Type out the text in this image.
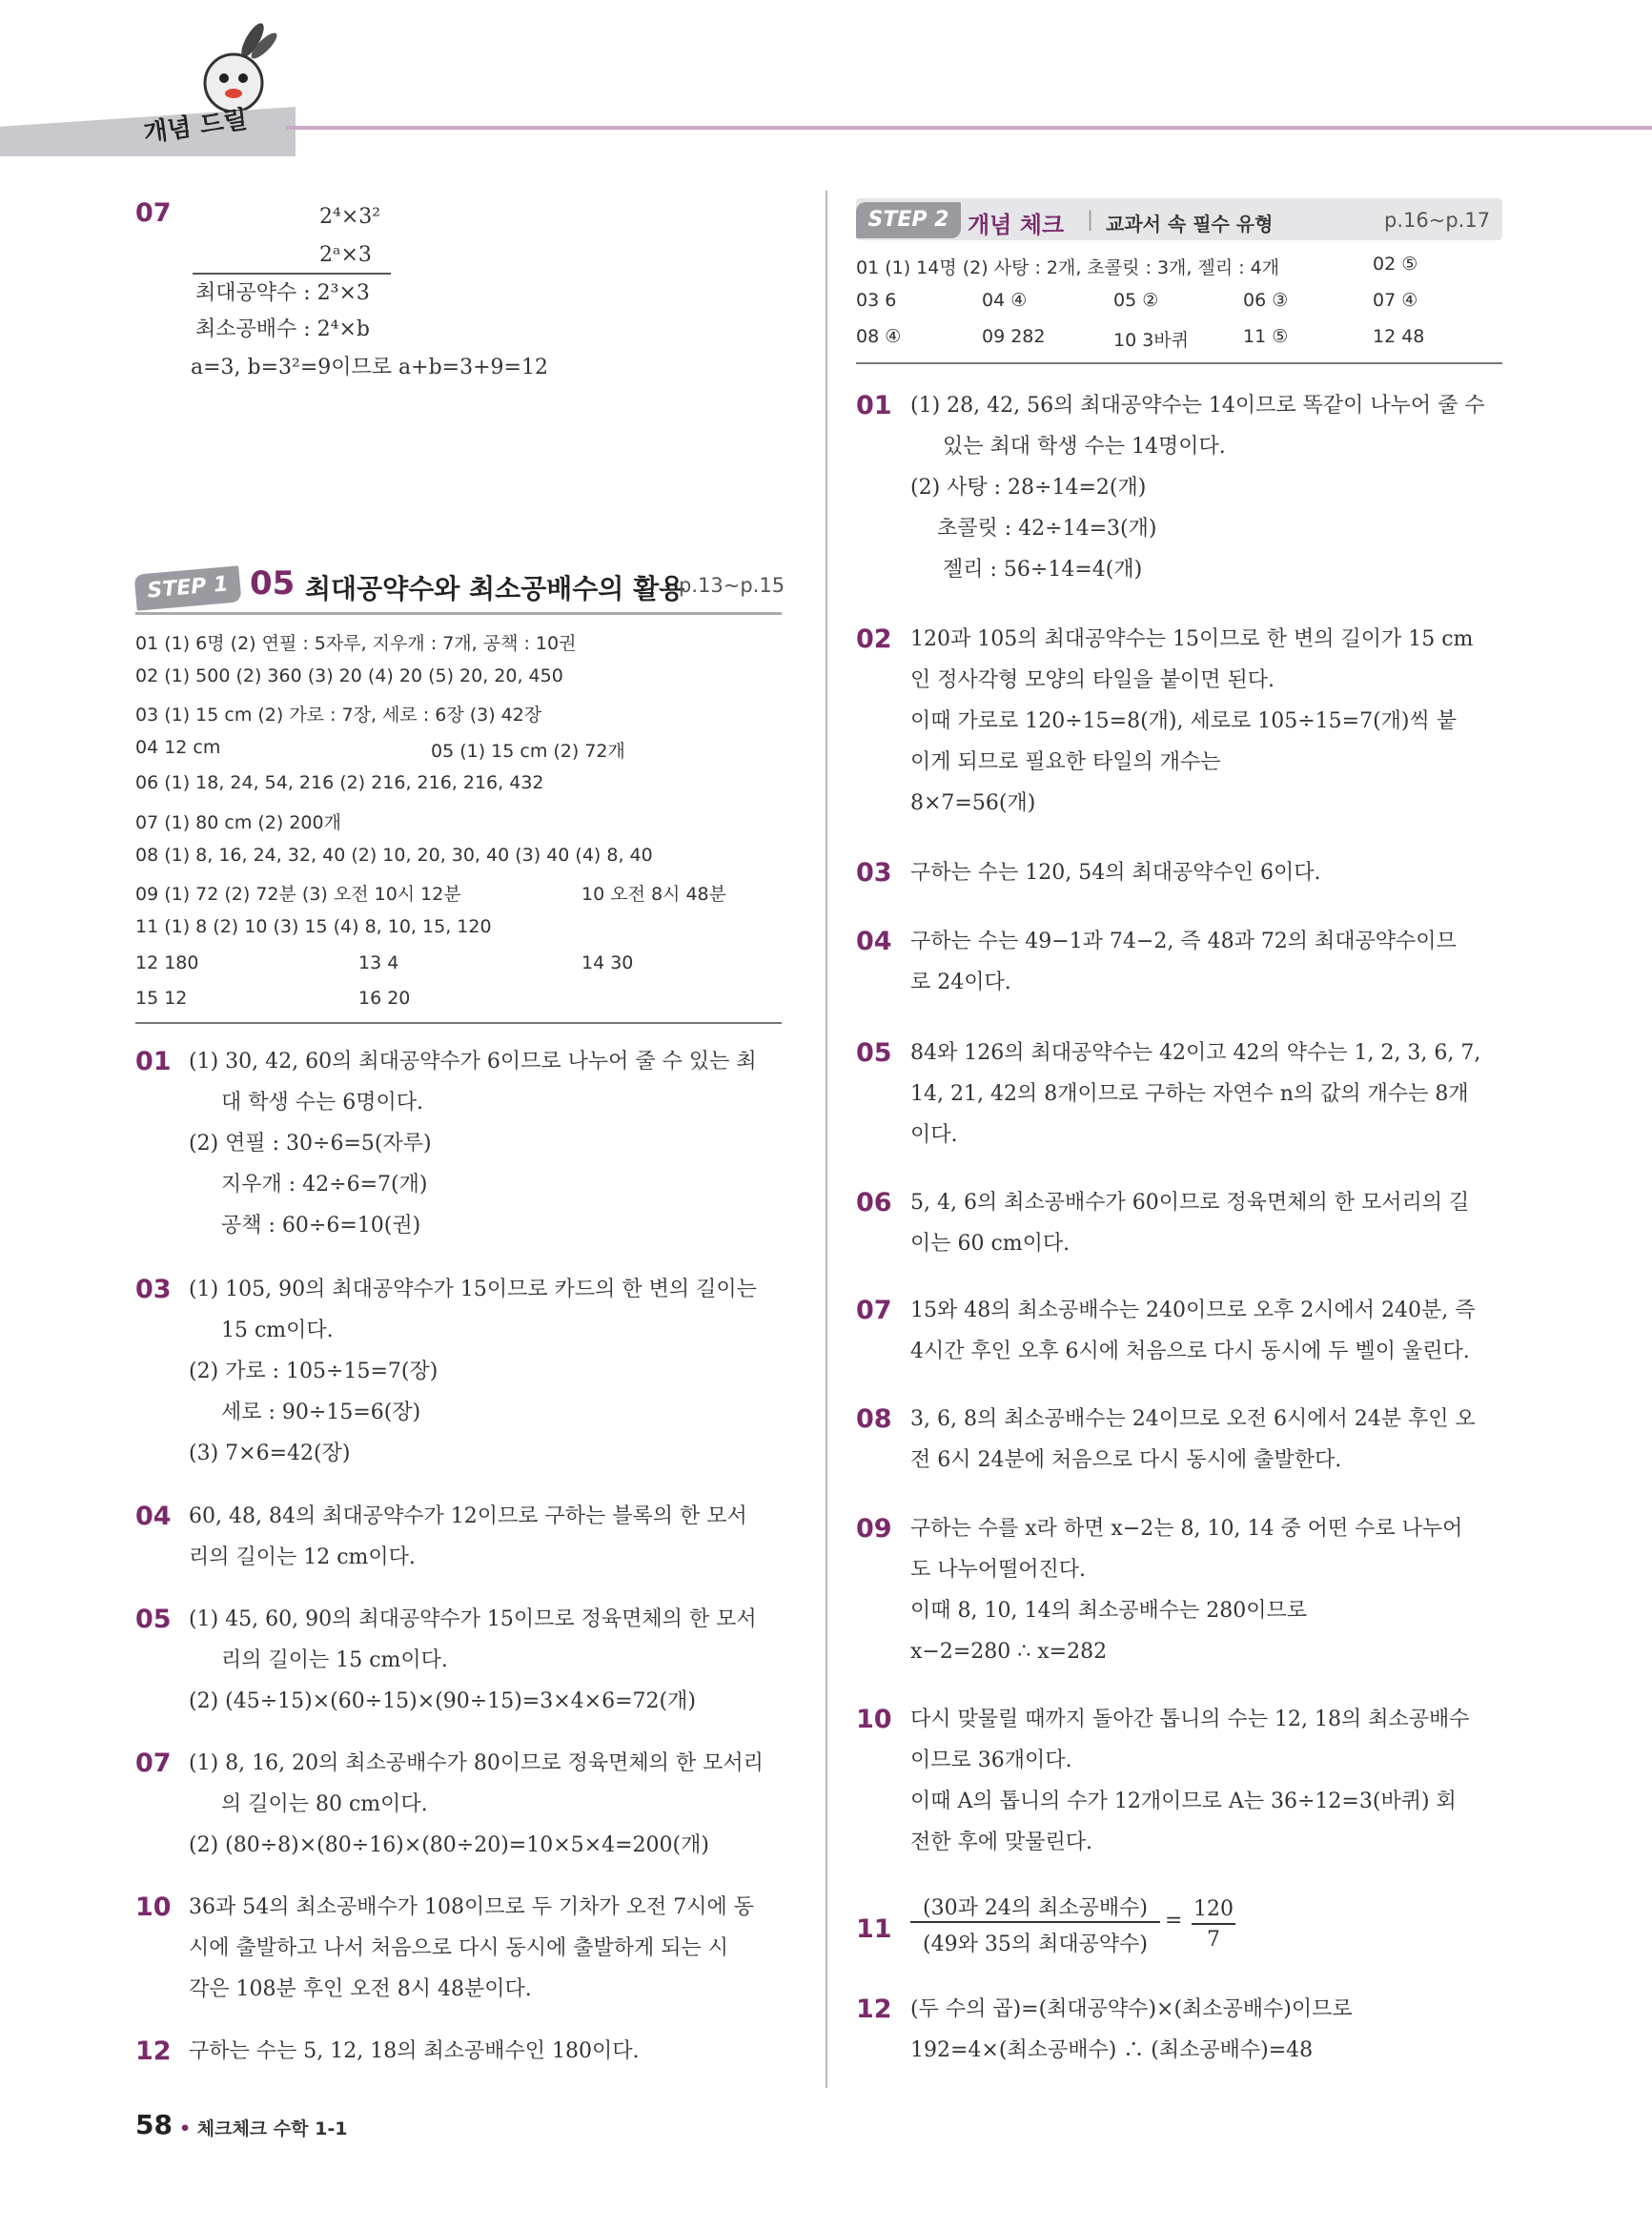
개념 드릴
07	2⁴×3²
2ᵃ×3
최대공약수 : 2³×3
최소공배수 : 2⁴×b
a=3, b=3²=9이므로 a+b=3+9=12
STEP 1 05 최대공약수와 최소공배수의 활용
p.13~p.15
01 (1) 6명 (2) 연필 : 5자루, 지우개 : 7개, 공책 : 10권
02 (1) 500 (2) 360 (3) 20 (4) 20 (5) 20, 20, 450
03 (1) 15 cm (2) 가로 : 7장, 세로 : 6장 (3) 42장
04 12 cm	05 (1) 15 cm (2) 72개
06 (1) 18, 24, 54, 216 (2) 216, 216, 216, 432
07 (1) 80 cm (2) 200개
08 (1) 8, 16, 24, 32, 40 (2) 10, 20, 30, 40 (3) 40 (4) 8, 40
09 (1) 72 (2) 72분 (3) 오전 10시 12분	10 오전 8시 48분
11 (1) 8 (2) 10 (3) 15 (4) 8, 10, 15, 120
12 180	13 4	14 30
15 12	16 20
01 (1) 30, 42, 60의 최대공약수가 6이므로 나누어 줄 수 있는 최
대 학생 수는 6명이다.
(2) 연필 : 30÷6=5(자루)
지우개 : 42÷6=7(개)
공책 : 60÷6=10(권)
03 (1) 105, 90의 최대공약수가 15이므로 카드의 한 변의 길이는
15 cm이다.
(2) 가로 : 105÷15=7(장)
세로 : 90÷15=6(장)
(3) 7×6=42(장)
04 60, 48, 84의 최대공약수가 12이므로 구하는 블록의 한 모서
리의 길이는 12 cm이다.
05 (1) 45, 60, 90의 최대공약수가 15이므로 정육면체의 한 모서
리의 길이는 15 cm이다.
(2) (45÷15)×(60÷15)×(90÷15)=3×4×6=72(개)
07 (1) 8, 16, 20의 최소공배수가 80이므로 정육면체의 한 모서리
의 길이는 80 cm이다.
(2) (80÷8)×(80÷16)×(80÷20)=10×5×4=200(개)
10 36과 54의 최소공배수가 108이므로 두 기차가 오전 7시에 동
시에 출발하고 나서 처음으로 다시 동시에 출발하게 되는 시
각은 108분 후인 오전 8시 48분이다.
12 구하는 수는 5, 12, 18의 최소공배수인 180이다.
STEP 2 개념 체크 | 교과서 속 필수 유형	p.16~p.17
01 (1) 14명 (2) 사탕 : 2개, 초콜릿 : 3개, 젤리 : 4개	02 ⑤
03 6	04 ④	05 ②	06 ③	07 ④
08 ④	09 282	10 3바퀴	11 ⑤	12 48
01 (1) 28, 42, 56의 최대공약수는 14이므로 똑같이 나누어 줄 수
있는 최대 학생 수는 14명이다.
(2) 사탕 : 28÷14=2(개)
초콜릿 : 42÷14=3(개)
젤리 : 56÷14=4(개)
02 120과 105의 최대공약수는 15이므로 한 변의 길이가 15 cm
인 정사각형 모양의 타일을 붙이면 된다.
이때 가로로 120÷15=8(개), 세로로 105÷15=7(개)씩 붙
이게 되므로 필요한 타일의 개수는
8×7=56(개)
03 구하는 수는 120, 54의 최대공약수인 6이다.
04 구하는 수는 49−1과 74−2, 즉 48과 72의 최대공약수이므
로 24이다.
05 84와 126의 최대공약수는 42이고 42의 약수는 1, 2, 3, 6, 7,
14, 21, 42의 8개이므로 구하는 자연수 n의 값의 개수는 8개
이다.
06 5, 4, 6의 최소공배수가 60이므로 정육면체의 한 모서리의 길
이는 60 cm이다.
07 15와 48의 최소공배수는 240이므로 오후 2시에서 240분, 즉
4시간 후인 오후 6시에 처음으로 다시 동시에 두 벨이 울린다.
08 3, 6, 8의 최소공배수는 24이므로 오전 6시에서 24분 후인 오
전 6시 24분에 처음으로 다시 동시에 출발한다.
09 구하는 수를 x라 하면 x−2는 8, 10, 14 중 어떤 수로 나누어
도 나누어떨어진다.
이때 8, 10, 14의 최소공배수는 280이므로
x−2=280 ∴ x=282
10 다시 맞물릴 때까지 돌아간 톱니의 수는 12, 18의 최소공배수
이므로 36개이다.
이때 A의 톱니의 수가 12개이므로 A는 36÷12=3(바퀴) 회
전한 후에 맞물린다.
11
(30과 24의 최소공배수)
(49와 35의 최대공약수)
= 120
7
12 (두 수의 곱)=(최대공약수)×(최소공배수)이므로
192=4×(최소공배수) ∴ (최소공배수)=48
58 • 체크체크 수학 1-1
